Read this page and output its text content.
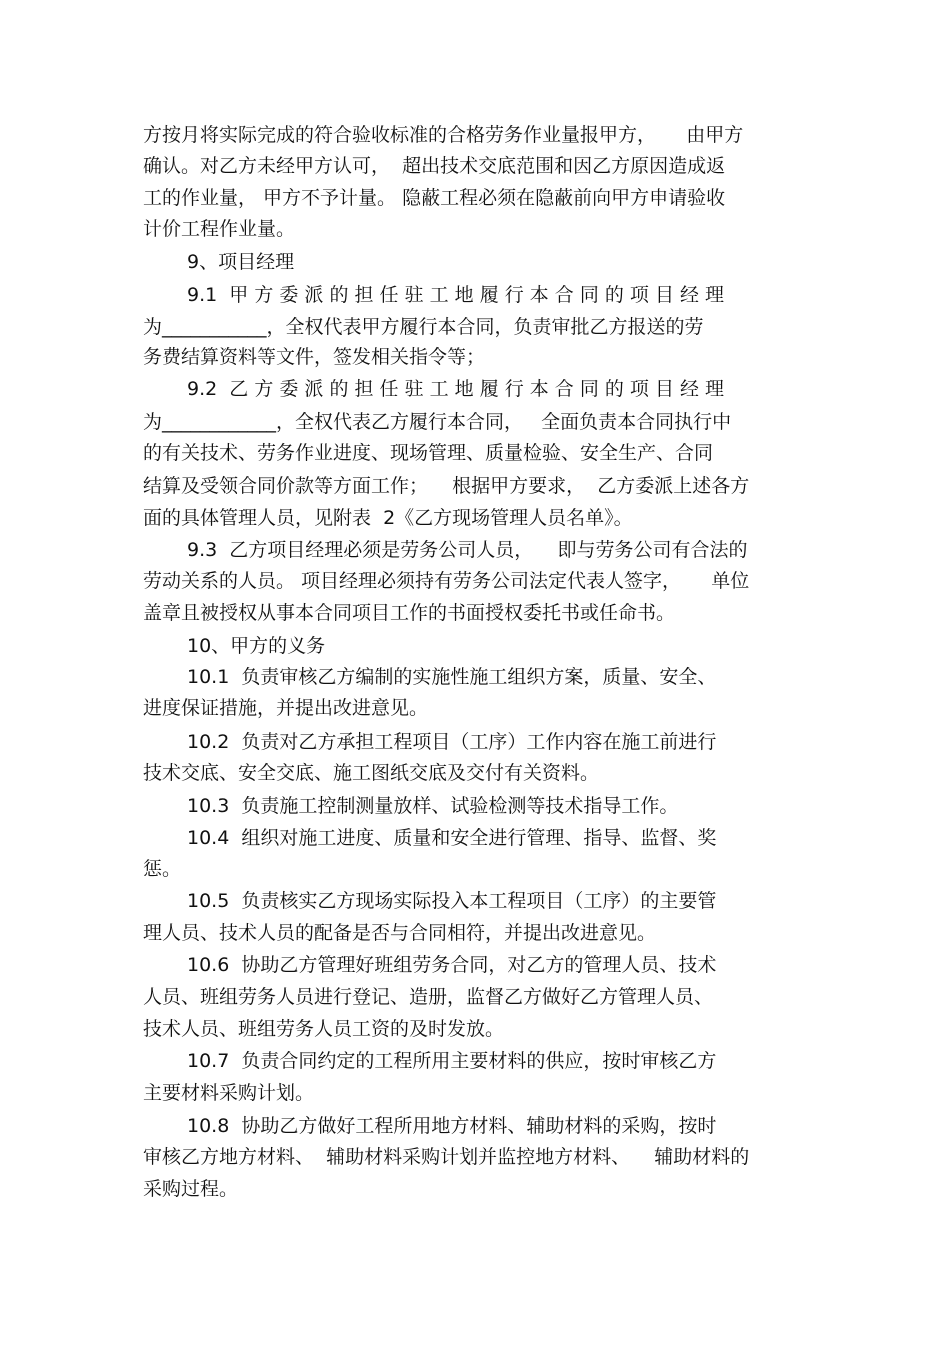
方按月将实际完成的符合验收标准的合格劳务作业量报甲方，     由甲方
确认。对乙方未经甲方认可，  超出技术交底范围和因乙方原因造成返
工的作业量， 甲方不予计量。 隐蔽工程必须在隐蔽前向甲方申请验收
计价工程作业量。
9、项目经理
9.1  甲 方 委 派 的 担 任 驻 工 地 履 行 本 合 同 的 项 目 经 理
为___________，全权代表甲方履行本合同，负责审批乙方报送的劳
务费结算资料等文件，签发相关指令等；
9.2  乙 方 委 派 的 担 任 驻 工 地 履 行 本 合 同 的 项 目 经 理
为____________，全权代表乙方履行本合同，   全面负责本合同执行中
的有关技术、劳务作业进度、现场管理、质量检验、安全生产、合同
结算及受领合同价款等方面工作；    根据甲方要求，  乙方委派上述各方
面的具体管理人员，见附表  2《乙方现场管理人员名单》。
9.3  乙方项目经理必须是劳务公司人员，    即与劳务公司有合法的
劳动关系的人员。 项目经理必须持有劳务公司法定代表人签字，     单位
盖章且被授权从事本合同项目工作的书面授权委托书或任命书。
10、甲方的义务
10.1  负责审核乙方编制的实施性施工组织方案，质量、安全、
进度保证措施，并提出改进意见。
10.2  负责对乙方承担工程项目（工序）工作内容在施工前进行
技术交底、安全交底、施工图纸交底及交付有关资料。
10.3  负责施工控制测量放样、试验检测等技术指导工作。
10.4  组织对施工进度、质量和安全进行管理、指导、监督、奖
惩。
10.5  负责核实乙方现场实际投入本工程项目（工序）的主要管
理人员、技术人员的配备是否与合同相符，并提出改进意见。
10.6  协助乙方管理好班组劳务合同，对乙方的管理人员、技术
人员、班组劳务人员进行登记、造册，监督乙方做好乙方管理人员、
技术人员、班组劳务人员工资的及时发放。
10.7  负责合同约定的工程所用主要材料的供应，按时审核乙方
主要材料采购计划。
10.8  协助乙方做好工程所用地方材料、辅助材料的采购，按时
审核乙方地方材料、  辅助材料采购计划并监控地方材料、    辅助材料的
采购过程。
